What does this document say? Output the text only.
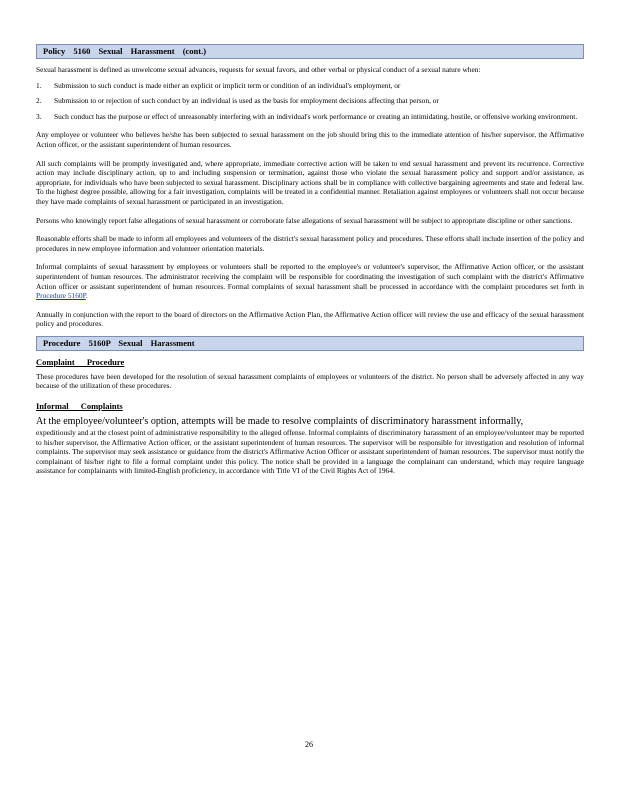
Policy 5160 Sexual Harassment (cont.)

Sexual harassment is defined as unwelcome sexual advances, requests for sexual favors, and other verbal or physical conduct of a sexual nature when:

1. Submission to such conduct is made either an explicit or implicit term or condition of an individual's employment, or
2. Submission to or rejection of such conduct by an individual is used as the basis for employment decisions affecting that person, or
3. Such conduct has the purpose or effect of unreasonably interfering with an individual's work performance or creating an intimidating, hostile, or offensive working environment.

Any employee or volunteer who believes he/she has been subjected to sexual harassment on the job should bring this to the immediate attention of his/her supervisor, the Affirmative Action officer, or the assistant superintendent of human resources.

All such complaints will be promptly investigated and, where appropriate, immediate corrective action will be taken to end sexual harassment and prevent its recurrence. Corrective action may include disciplinary action, up to and including suspension or termination, against those who violate the sexual harassment policy and support and/or assistance, as appropriate, for individuals who have been subjected to sexual harassment. Disciplinary actions shall be in compliance with collective bargaining agreements and state and federal law. To the highest degree possible, allowing for a fair investigation, complaints will be treated in a confidential manner. Retaliation against employees or volunteers shall not occur because they have made complaints of sexual harassment or participated in an investigation.

Persons who knowingly report false allegations of sexual harassment or corroborate false allegations of sexual harassment will be subject to appropriate discipline or other sanctions.

Reasonable efforts shall be made to inform all employees and volunteers of the district's sexual harassment policy and procedures. These efforts shall include insertion of the policy and procedures in new employee information and volunteer orientation materials.

Informal complaints of sexual harassment by employees or volunteers shall be reported to the employee's or volunteer's supervisor, the Affirmative Action officer, or the assistant superintendent of human resources. The administrator receiving the complaint will be responsible for coordinating the investigation of such complaint with the district's Affirmative Action officer or assistant superintendent of human resources. Formal complaints of sexual harassment shall be processed in accordance with the complaint procedures set forth in Procedure 5160P.

Annually in conjunction with the report to the board of directors on the Affirmative Action Plan, the Affirmative Action officer will review the use and efficacy of the sexual harassment policy and procedures.

Procedure 5160P Sexual Harassment
Complaint Procedure

These procedures have been developed for the resolution of sexual harassment complaints of employees or volunteers of the district. No person shall be adversely affected in any way because of the utilization of these procedures.

Informal Complaints

At the employee/volunteer's option, attempts will be made to resolve complaints of discriminatory harassment informally,

expeditiously and at the closest point of administrative responsibility to the alleged offense. Informal complaints of discriminatory harassment of an employee/volunteer may be reported to his/her supervisor, the Affirmative Action officer, or the assistant superintendent of human resources. The supervisor will be responsible for investigation and resolution of informal complaints. The supervisor may seek assistance or guidance from the district's Affirmative Action Officer or assistant superintendent of human resources. The supervisor must notify the complainant of his/her right to file a formal complaint under this policy. The notice shall be provided in a language the complainant can understand, which may require language assistance for complainants with limited-English proficiency, in accordance with Title VI of the Civil Rights Act of 1964.

26
